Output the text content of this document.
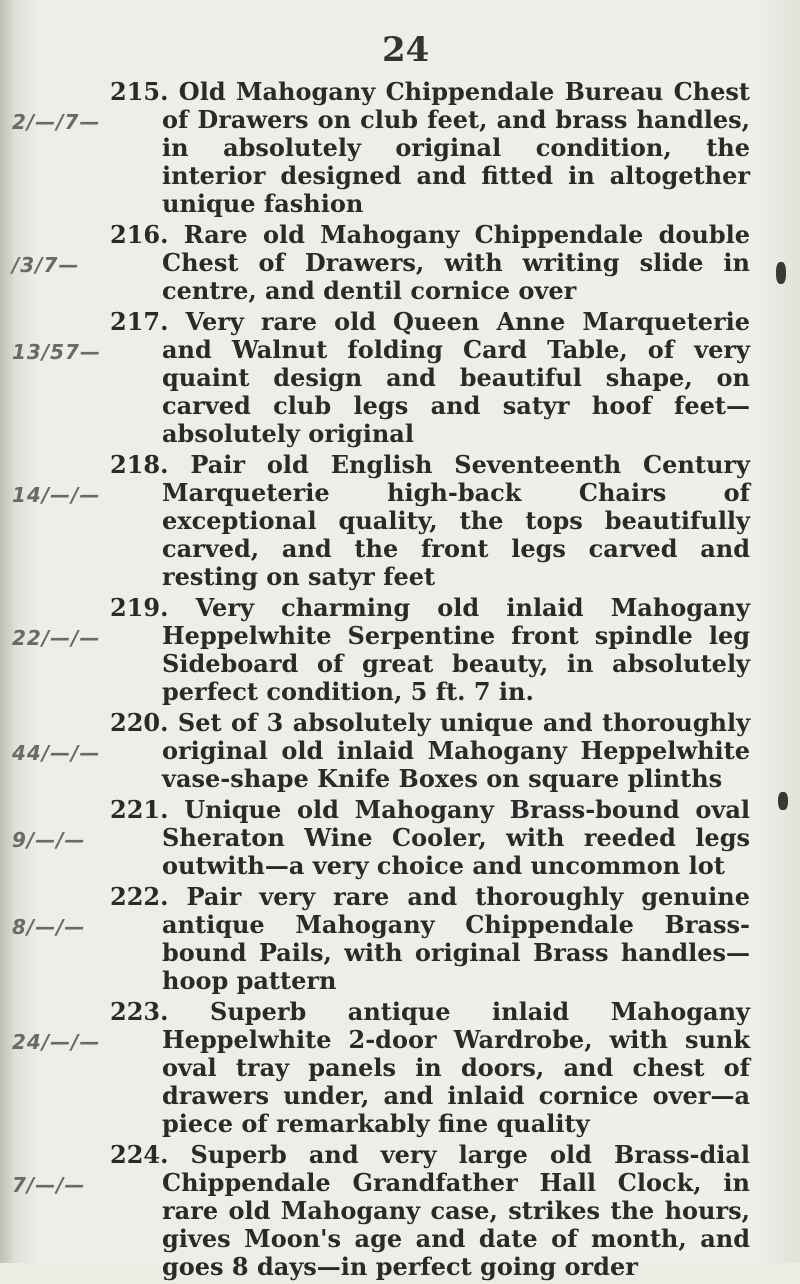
24
2/—/7—
215. Old Mahogany Chippendale Bureau Chest of Drawers on club feet, and brass handles, in absolutely original condition, the interior designed and fitted in altogether unique fashion
/3/7—
216. Rare old Mahogany Chippendale double Chest of Drawers, with writing slide in centre, and dentil cornice over
13/57—
217. Very rare old Queen Anne Marqueterie and Walnut folding Card Table, of very quaint design and beautiful shape, on carved club legs and satyr hoof feet—absolutely original
14/—/—
218. Pair old English Seventeenth Century Marqueterie high-back Chairs of exceptional quality, the tops beautifully carved, and the front legs carved and resting on satyr feet
22/—/—
219. Very charming old inlaid Mahogany Heppelwhite Serpentine front spindle leg Sideboard of great beauty, in absolutely perfect condition, 5 ft. 7 in.
44/—/—
220. Set of 3 absolutely unique and thoroughly original old inlaid Mahogany Heppelwhite vase-shape Knife Boxes on square plinths
9/—/—
221. Unique old Mahogany Brass-bound oval Sheraton Wine Cooler, with reeded legs outwith—a very choice and uncommon lot
8/—/—
222. Pair very rare and thoroughly genuine antique Mahogany Chippendale Brass-bound Pails, with original Brass handles—hoop pattern
24/—/—
223. Superb antique inlaid Mahogany Heppelwhite 2-door Wardrobe, with sunk oval tray panels in doors, and chest of drawers under, and inlaid cornice over—a piece of remarkably fine quality
7/—/—
224. Superb and very large old Brass-dial Chippendale Grandfather Hall Clock, in rare old Mahogany case, strikes the hours, gives Moon's age and date of month, and goes 8 days—in perfect going order
